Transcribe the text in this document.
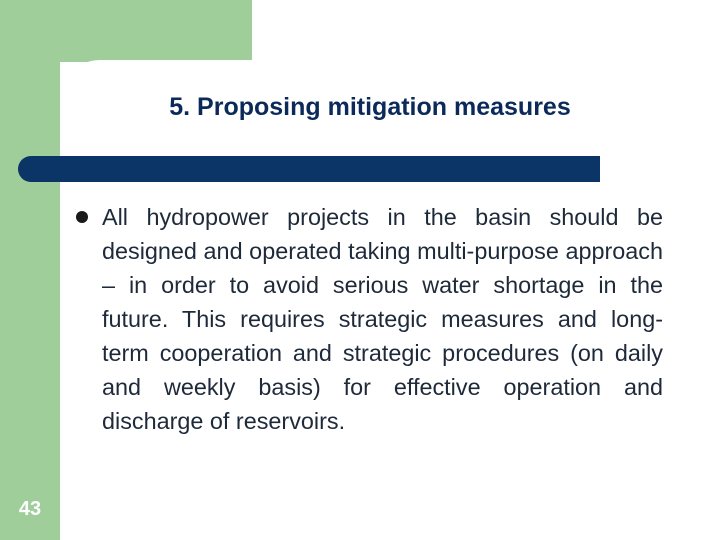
5. Proposing mitigation measures
All hydropower projects in the basin should be designed and operated taking multi-purpose approach – in order to avoid serious water shortage in the future. This requires strategic measures and long-term cooperation and strategic procedures (on daily and weekly basis) for effective operation and discharge of reservoirs.
43
